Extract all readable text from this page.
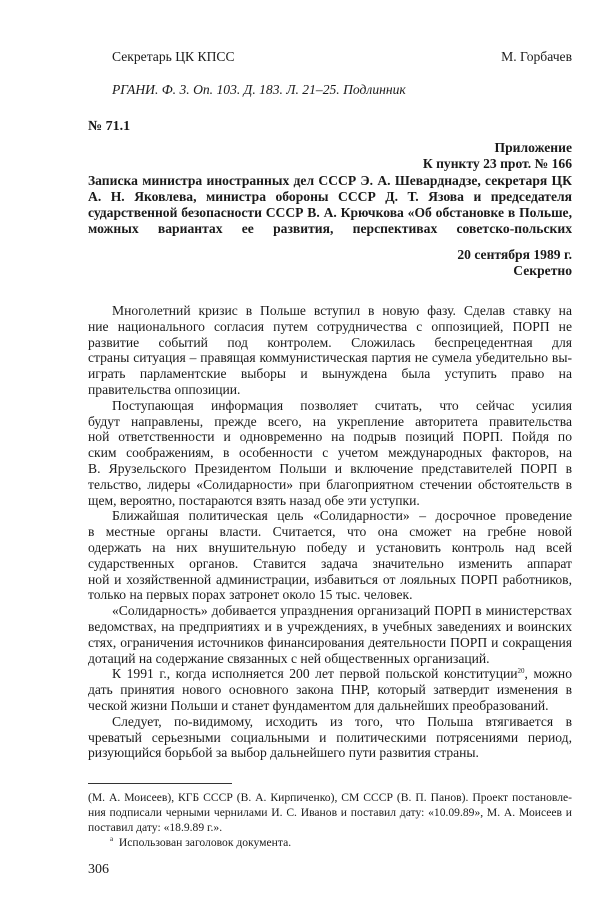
Секретарь ЦК КПСС	М. Горбачев
РГАНИ. Ф. 3. Оп. 103. Д. 183. Л. 21–25. Подлинник
№ 71.1
Приложение
К пункту 23 прот. № 166
Записка министра иностранных дел СССР Э. А. Шеварднадзе, секретаря ЦК
А. Н. Яковлева, министра обороны СССР Д. Т. Язова и председателя
сударственной безопасности СССР В. А. Крючкова «Об обстановке в Польше,
можных вариантах ее развития, перспективах советско-польских
20 сентября 1989 г.
Секретно
Многолетний кризис в Польше вступил в новую фазу. Сделав ставку на
ние национального согласия путем сотрудничества с оппозицией, ПОРП не
развитие событий под контролем. Сложилась беспрецедентная для
страны ситуация – правящая коммунистическая партия не сумела убедительно вы-
играть парламентские выборы и вынуждена была уступить право на
правительства оппозиции.
Поступающая информация позволяет считать, что сейчас усилия
будут направлены, прежде всего, на укрепление авторитета правительства
ной ответственности и одновременно на подрыв позиций ПОРП. Пойдя по
ским соображениям, в особенности с учетом международных факторов, на
В. Ярузельского Президентом Польши и включение представителей ПОРП в
тельство, лидеры «Солидарности» при благоприятном стечении обстоятельств в
щем, вероятно, постараются взять назад обе эти уступки.
Ближайшая политическая цель «Солидарности» – досрочное проведение
в местные органы власти. Считается, что она сможет на гребне новой
одержать на них внушительную победу и установить контроль над всей
сударственных органов. Ставится задача значительно изменить аппарат
ной и хозяйственной администрации, избавиться от лояльных ПОРП работников,
только на первых порах затронет около 15 тыс. человек.
«Солидарность» добивается упразднения организаций ПОРП в министерствах
ведомствах, на предприятиях и в учреждениях, в учебных заведениях и воинских
стях, ограничения источников финансирования деятельности ПОРП и сокращения
дотаций на содержание связанных с ней общественных организаций.
К 1991 г., когда исполняется 200 лет первой польской конституции$^{20}$, можно
дать принятия нового основного закона ПНР, который затвердит изменения в
ческой жизни Польши и станет фундаментом для дальнейших преобразований.
Следует, по-видимому, исходить из того, что Польша втягивается в
чреватый серьезными социальными и политическими потрясениями период,
ризующийся борьбой за выбор дальнейшего пути развития страны.
(М. А. Моисеев), КГБ СССР (В. А. Кирпиченко), СМ СССР (В. П. Панов). Проект постановле-
ния подписали черными чернилами И. С. Иванов и поставил дату: «10.09.89», М. А. Моисеев и
поставил дату: «18.9.89 г.».
$^а$ Использован заголовок документа.
306
